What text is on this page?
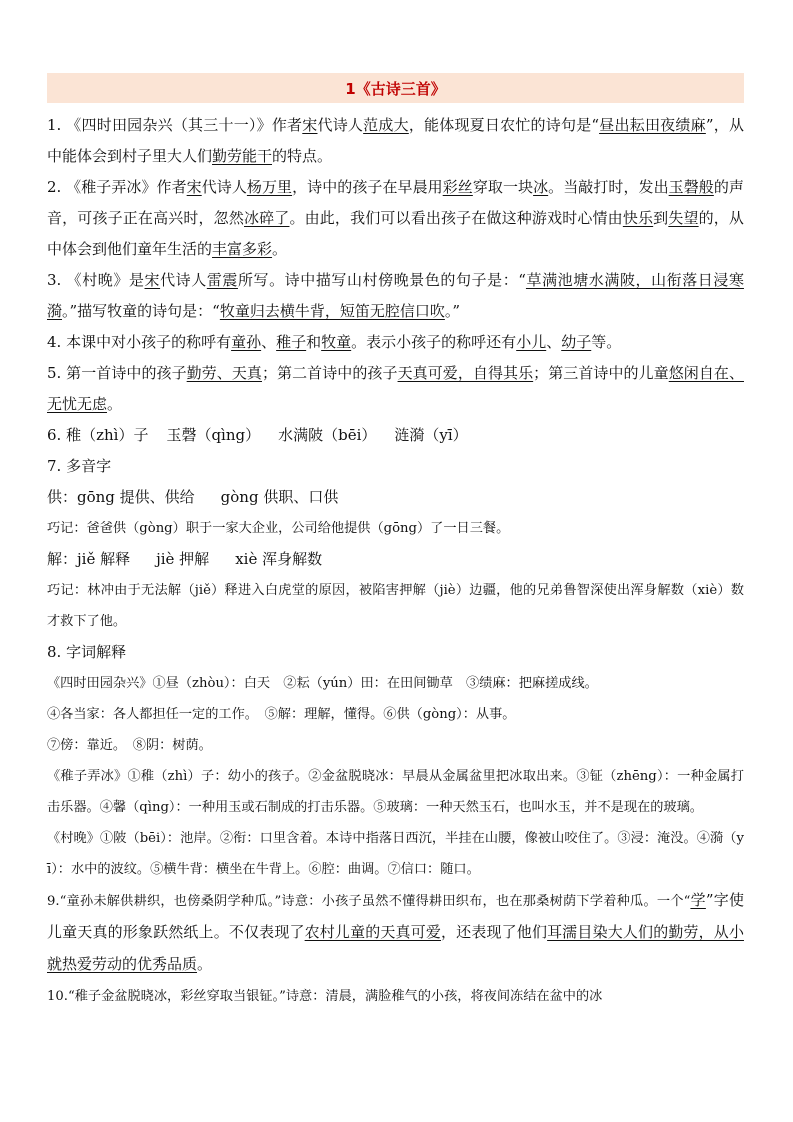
1《古诗三首》

1. 《四时田园杂兴（其三十一）》作者宋代诗人范成大，能体现夏日农忙的诗句是“昼出耘田夜绩麻”，从中能体会到村子里大人们勤劳能干的特点。

2. 《稚子弄冰》作者宋代诗人杨万里，诗中的孩子在早晨用彩丝穿取一块冰。当敲打时，发出玉磬般的声音，可孩子正在高兴时，忽然冰碎了。由此，我们可以看出孩子在做这种游戏时心情由快乐到失望的，从中体会到他们童年生活的丰富多彩。

3. 《村晚》是宋代诗人雷震所写。诗中描写山村傍晚景色的句子是：“草满池塘水满陂，山衔落日浸寒漪。”描写牧童的诗句是：“牧童归去横牛背，短笛无腔信口吹。”

4. 本课中对小孩子的称呼有童孙、稚子和牧童。表示小孩子的称呼还有小儿、幼子等。

5. 第一首诗中的孩子勤劳、天真；第二首诗中的孩子天真可爱，自得其乐；第三首诗中的儿童悠闲自在、无忧无虑。

6. 稚（zhì）子 玉磬（qìng） 水满陂（bēi） 涟漪（yī）

7. 多音字

供：gōng 提供、供给 gòng 供职、口供

巧记：爸爸供（gòng）职于一家大企业，公司给他提供（gōng）了一日三餐。

解：jiě 解释 jiè 押解 xiè 浑身解数

巧记：林冲由于无法解（jiě）释进入白虎堂的原因，被陷害押解（jiè）边疆，他的兄弟鲁智深使出浑身解数（xiè）数才救下了他。

8. 字词解释

《四时田园杂兴》①昼（zhòu）：白天　②耘（yún）田：在田间锄草　③绩麻：把麻搓成线。

④各当家：各人都担任一定的工作。　⑤解：理解，懂得。⑥供（gòng）：从事。

⑦傍：靠近。　⑧阴：树荫。

《稚子弄冰》①稚（zhì）子：幼小的孩子。②金盆脱晓冰：早晨从金属盆里把冰取出来。③钲（zhēng）：一种金属打击乐器。④馨（qìng）：一种用玉或石制成的打击乐器。⑤玻璃：一种天然玉石，也叫水玉，并不是现在的玻璃。

《村晚》①陂（bēi）：池岸。②衔：口里含着。本诗中指落日西沉，半挂在山腰，像被山咬住了。③浸：淹没。④漪（yī）：水中的波纹。⑤横牛背：横坐在牛背上。⑥腔：曲调。⑦信口：随口。

9.“童孙未解供耕织，也傍桑阴学种瓜。”诗意：小孩子虽然不懂得耕田织布，也在那桑树荫下学着种瓜。一个“学”字使儿童天真的形象跃然纸上。不仅表现了农村儿童的天真可爱，还表现了他们耳濡目染大人们的勤劳，从小就热爱劳动的优秀品质。

10.“稚子金盆脱晓冰，彩丝穿取当银钲。”诗意：清晨，满脸稚气的小孩，将夜间冻结在盆中的冰
